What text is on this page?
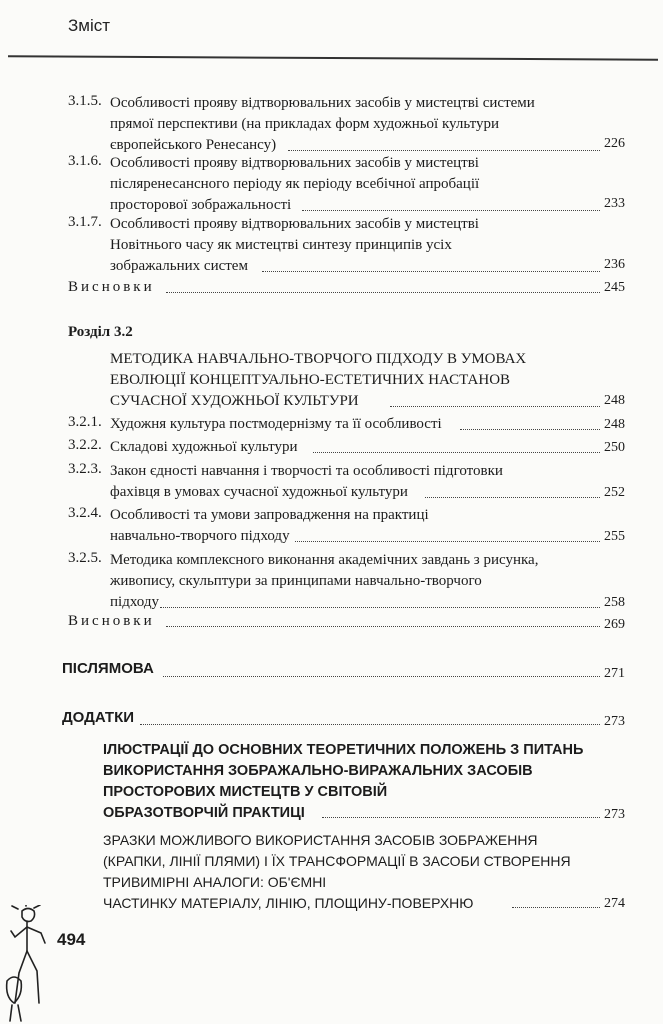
Зміст
3.1.5. Особливості прояву відтворювальних засобів у мистецтві системи
прямої перспективи (на прикладах форм художньої культури
європейського Ренесансу)	226
3.1.6. Особливості прояву відтворювальних засобів у мистецтві
післяренесансного періоду як періоду всебічної апробації
просторової зображальності	233
3.1.7. Особливості прояву відтворювальних засобів у мистецтві
Новітнього часу як мистецтві синтезу принципів усіх
зображальних систем	236
Висновки	245
Розділ 3.2
МЕТОДИКА НАВЧАЛЬНО-ТВОРЧОГО ПІДХОДУ В УМОВАХ
ЕВОЛЮЦІЇ КОНЦЕПТУАЛЬНО-ЕСТЕТИЧНИХ НАСТАНОВ
СУЧАСНОЇ ХУДОЖНЬОЇ КУЛЬТУРИ	248
3.2.1. Художня культура постмодернізму та її особливості	248
3.2.2. Складові художньої культури	250
3.2.3. Закон єдності навчання і творчості та особливості підготовки
фахівця в умовах сучасної художньої культури	252
3.2.4. Особливості та умови запровадження на практиці
навчально-творчого підходу	255
3.2.5. Методика комплексного виконання академічних завдань з рисунка,
живопису, скульптури за принципами навчально-творчого
підходу	258
Висновки	269
ПІСЛЯМОВА	271
ДОДАТКИ	273
ІЛЮСТРАЦІЇ ДО ОСНОВНИХ ТЕОРЕТИЧНИХ ПОЛОЖЕНЬ З ПИТАНЬ
ВИКОРИСТАННЯ ЗОБРАЖАЛЬНО-ВИРАЖАЛЬНИХ ЗАСОБІВ
ПРОСТОРОВИХ МИСТЕЦТВ У СВІТОВІЙ
ОБРАЗОТВОРЧІЙ ПРАКТИЦІ	273
ЗРАЗКИ МОЖЛИВОГО ВИКОРИСТАННЯ ЗАСОБІВ ЗОБРАЖЕННЯ
(КРАПКИ, ЛІНІЇ ПЛЯМИ) І ЇХ ТРАНСФОРМАЦІЇ В ЗАСОБИ СТВОРЕННЯ
ТРИВИМІРНІ АНАЛОГИ: ОБ'ЄМНІ
ЧАСТИНКУ МАТЕРІАЛУ, ЛІНІЮ, ПЛОЩИНУ-ПОВЕРХНЮ	274
494
